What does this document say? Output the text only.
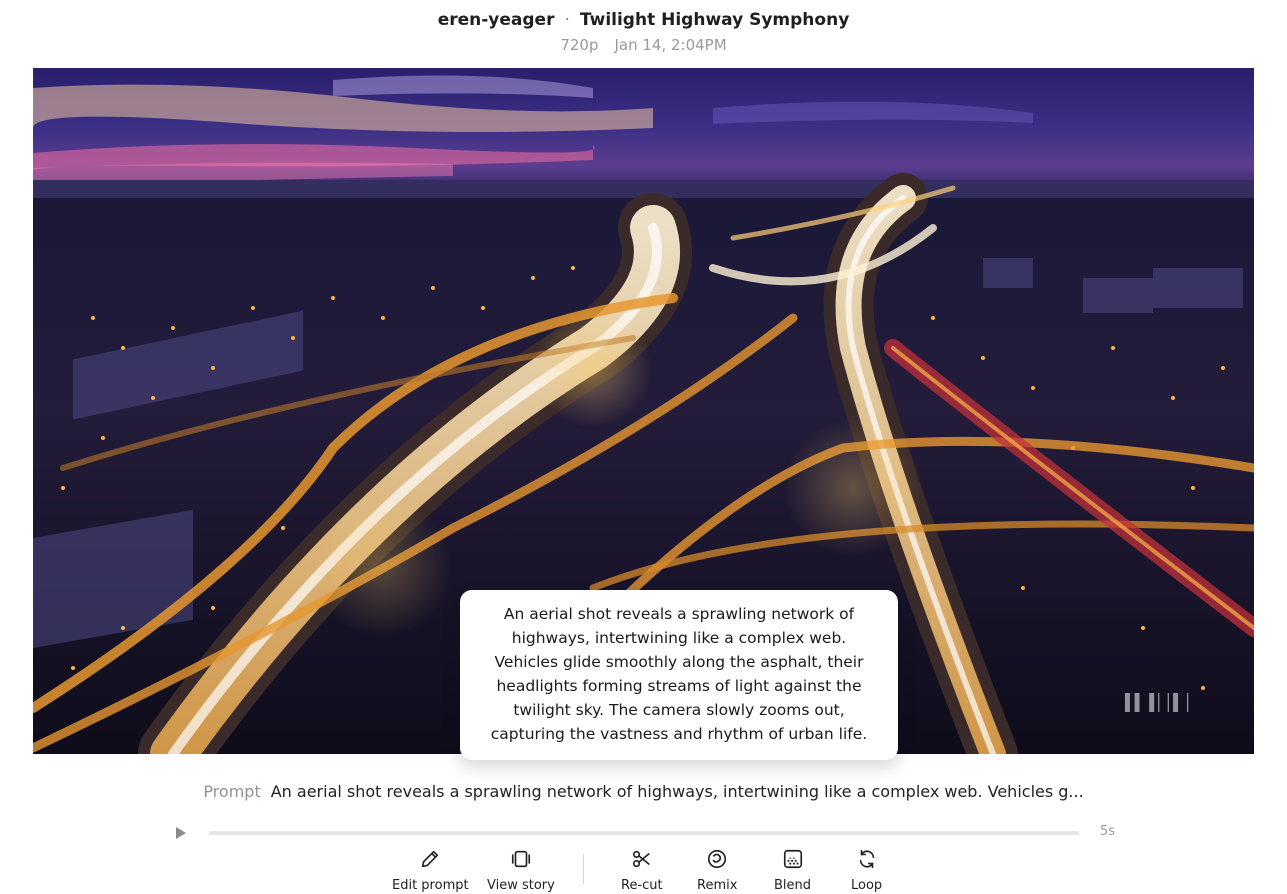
eren-yeager · Twilight Highway Symphony
720p Jan 14, 2:04PM
▌▌▐││▌│
An aerial shot reveals a sprawling network of highways, intertwining like a complex web. Vehicles glide smoothly along the asphalt, their headlights forming streams of light against the twilight sky. The camera slowly zooms out, capturing the vastness and rhythm of urban life.
Prompt An aerial shot reveals a sprawling network of highways, intertwining like a complex web. Vehicles g...
5s
Edit prompt View story	Re-cut	Remix	Blend	Loop
